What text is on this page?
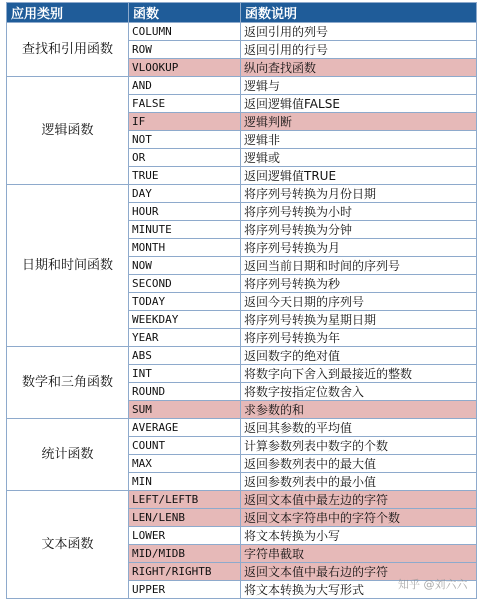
应用类别	函数	函数说明
查找和引用函数	COLUMN	返回引用的列号
	ROW	返回引用的行号
	VLOOKUP	纵向查找函数
逻辑函数	AND	逻辑与
	FALSE	返回逻辑值FALSE
	IF	逻辑判断
	NOT	逻辑非
	OR	逻辑或
	TRUE	返回逻辑值TRUE
日期和时间函数	DAY	将序列号转换为月份日期
	HOUR	将序列号转换为小时
	MINUTE	将序列号转换为分钟
	MONTH	将序列号转换为月
	NOW	返回当前日期和时间的序列号
	SECOND	将序列号转换为秒
	TODAY	返回今天日期的序列号
	WEEKDAY	将序列号转换为星期日期
	YEAR	将序列号转换为年
数学和三角函数	ABS	返回数字的绝对值
	INT	将数字向下舍入到最接近的整数
	ROUND	将数字按指定位数舍入
	SUM	求参数的和
统计函数	AVERAGE	返回其参数的平均值
	COUNT	计算参数列表中数字的个数
	MAX	返回参数列表中的最大值
	MIN	返回参数列表中的最小值
文本函数	LEFT/LEFTB	返回文本值中最左边的字符
	LEN/LENB	返回文本字符串中的字符个数
	LOWER	将文本转换为小写
	MID/MIDB	字符串截取
	RIGHT/RIGHTB	返回文本值中最右边的字符
	UPPER	将文本转换为大写形式	知乎 @刘六六
